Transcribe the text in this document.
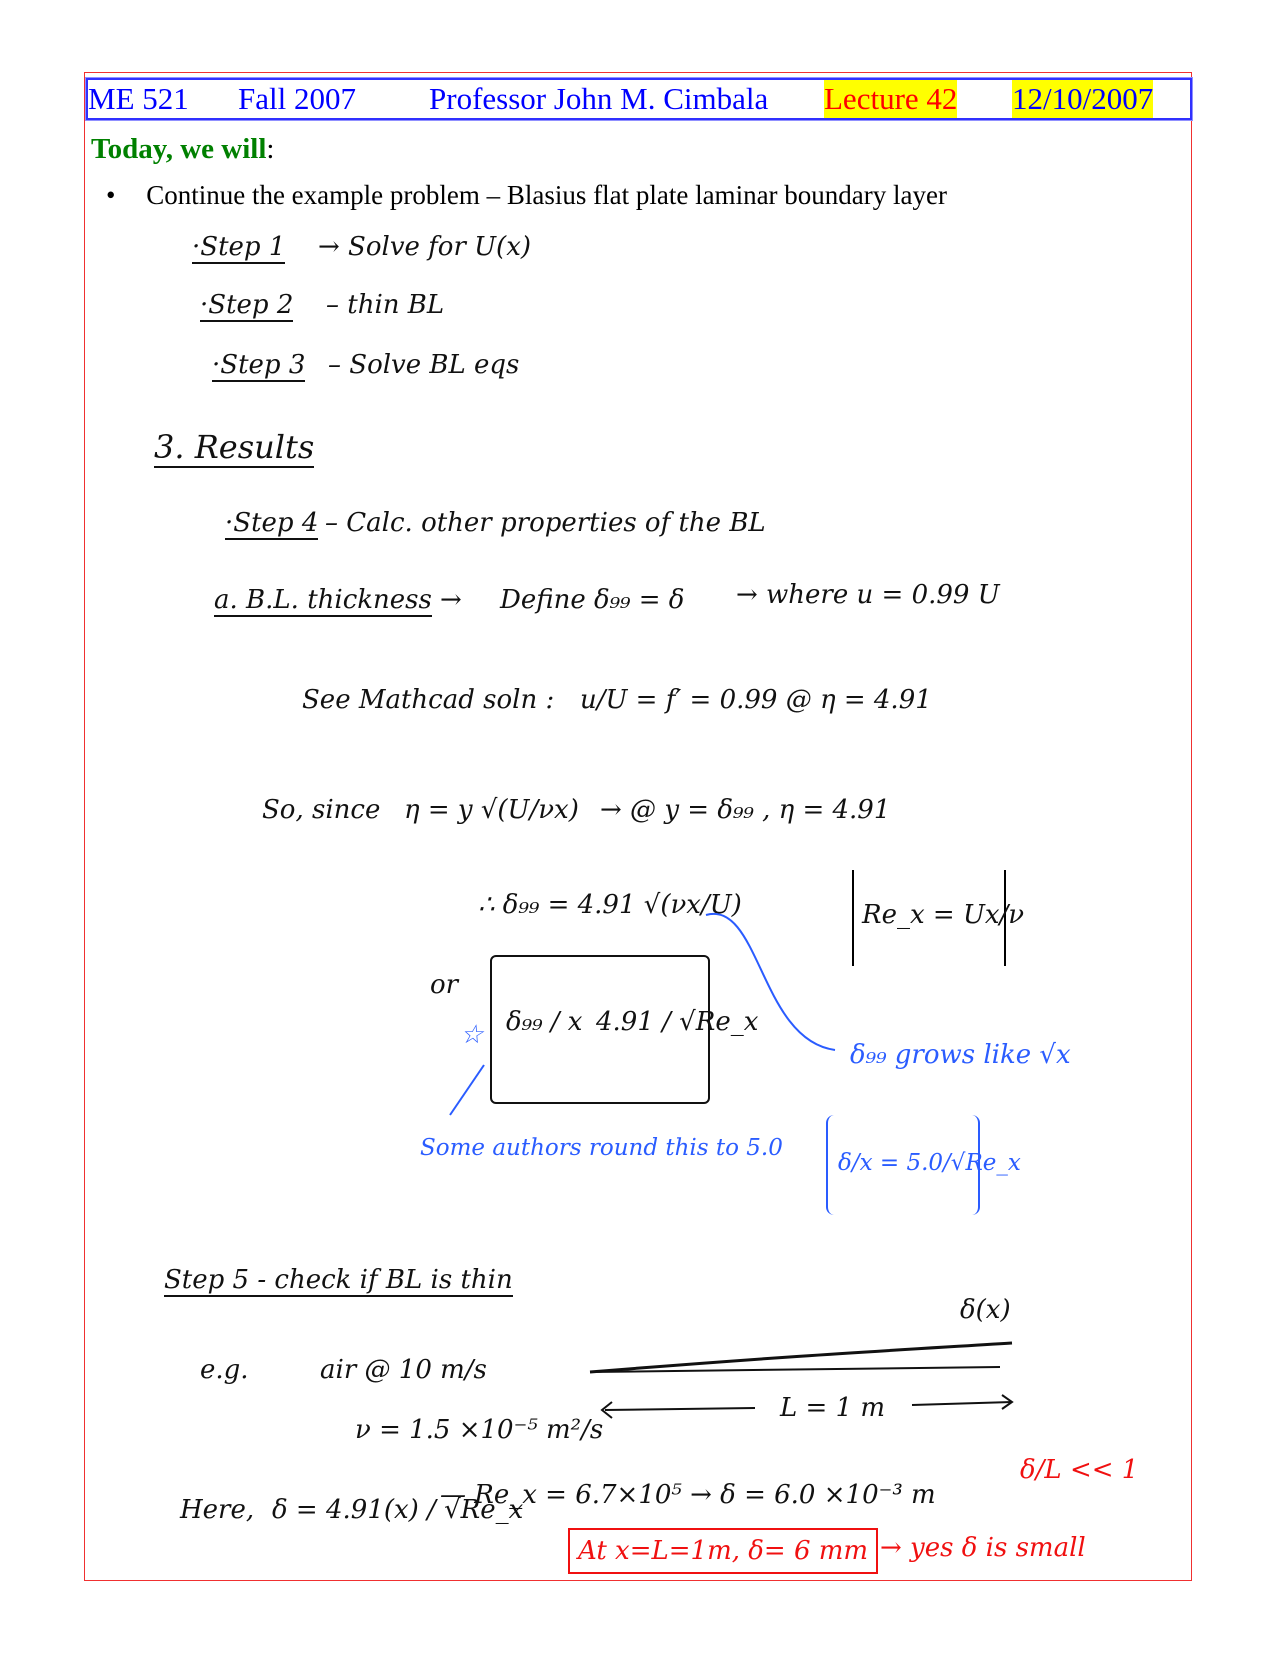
ME 521 Fall 2007 Professor John M. Cimbala Lecture 42 12/10/2007
Today, we will:
• Continue the example problem – Blasius flat plate laminar boundary layer
·Step 1 → Solve for U(x)
·Step 2 – thin BL
·Step 3 – Solve BL eqs
3. Results
·Step 4 – Calc. other properties of the BL
a. B.L. thickness → Define δ₉₉ = δ → where u = 0.99 U
See Mathcad soln : u/U = f′ = 0.99 @ η = 4.91
So, since η = y √(U/νx) → @ y = δ₉₉ , η = 4.91
∴ δ₉₉ = 4.91 √(νx/U)	Re_x = Ux/ν
or
δ₉₉ / x 4.91 / √Re_x
☆
δ₉₉ grows like √x
Some authors round this to 5.0
δ/x = 5.0/√Re_x
Step 5 - check if BL is thin
e.g.	air @ 10 m/s
ν = 1.5 ×10⁻⁵ m²/s
δ(x)
L = 1 m
Here, δ = 4.91(x) / √Re_x
— Re_x = 6.7×10⁵ → δ = 6.0 ×10⁻³ m
δ/L << 1
At x=L=1m, δ= 6 mm → yes δ is small
